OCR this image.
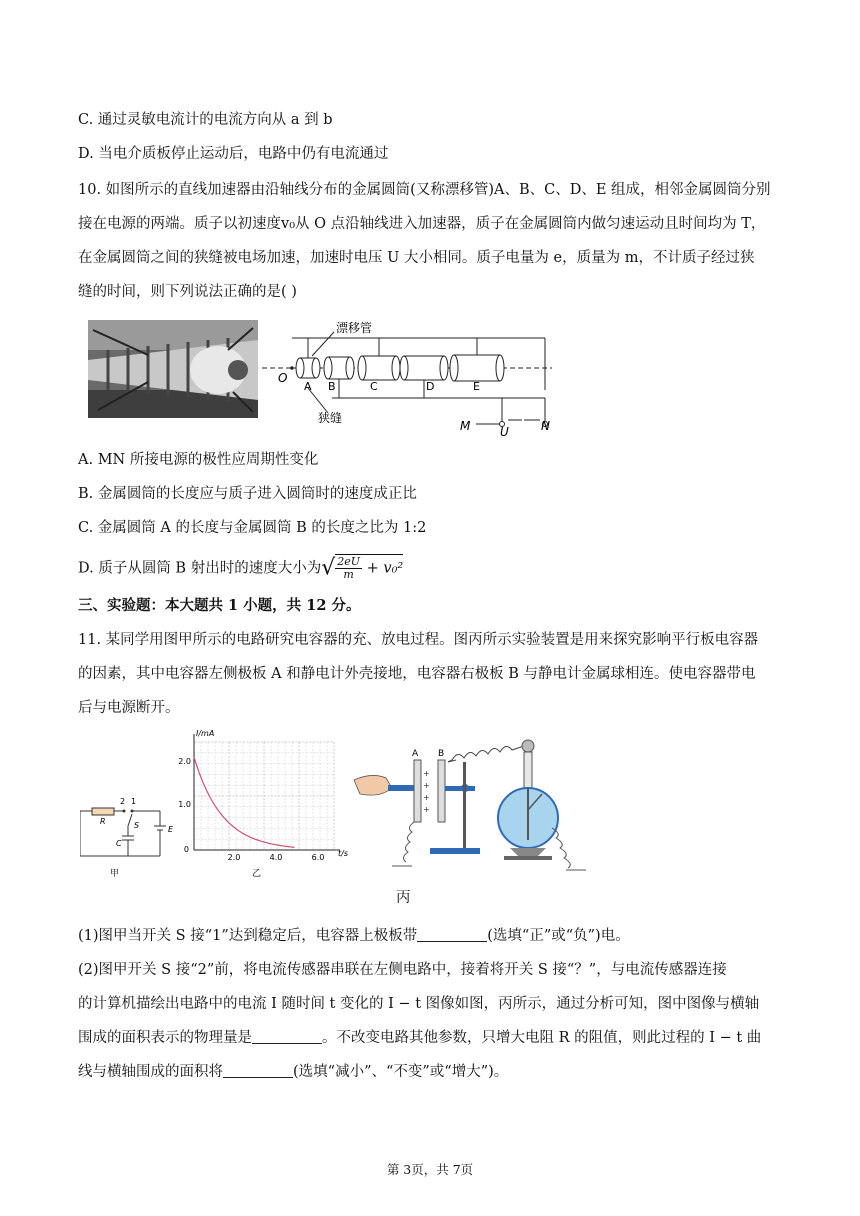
C. 通过灵敏电流计的电流方向从 a 到 b
D. 当电介质板停止运动后，电路中仍有电流通过
10. 如图所示的直线加速器由沿轴线分布的金属圆筒(又称漂移管)A、B、C、D、E 组成，相邻金属圆筒分别
接在电源的两端。质子以初速度v₀从 O 点沿轴线进入加速器，质子在金属圆筒内做匀速运动且时间均为 T，
在金属圆筒之间的狭缝被电场加速，加速时电压 U 大小相同。质子电量为 e，质量为 m，不计质子经过狭
缝的时间，则下列说法正确的是( )
漂移管
狭缝
O
A B	C	D	E
M U	N
A. MN 所接电源的极性应周期性变化
B. 金属圆筒的长度应与质子进入圆筒时的速度成正比
C. 金属圆筒 A 的长度与金属圆筒 B 的长度之比为 1:2
D. 质子从圆筒 B 射出时的速度大小为√ $\frac{2eU}{m} + v_0^2$
三、实验题：本大题共 1 小题，共 12 分。
11. 某同学用图甲所示的电路研究电容器的充、放电过程。图丙所示实验装置是用来探究影响平行板电容器
的因素，其中电容器左侧极板 A 和静电计外壳接地，电容器右极板 B 与静电计金属球相连。使电容器带电
后与电源断开。
2 1
R	S
C
E
甲
I/mA
t/s
0
1.0
2.0
2.0	4.0	6.0
乙
A B
+
+
+
+
丙
(1)图甲当开关 S 接“1”达到稳定后，电容器上极板带	(选填“正”或“负”)电。
(2)图甲开关 S 接“2”前，将电流传感器串联在左侧电路中，接着将开关 S 接“？”，与电流传感器连接
的计算机描绘出电路中的电流 I 随时间 t 变化的 I − t 图像如图，丙所示，通过分析可知，图中图像与横轴
围成的面积表示的物理量是	。不改变电路其他参数，只增大电阻 R 的阻值，则此过程的 I − t 曲
线与横轴围成的面积将	(选填“减小”、“不变”或“增大”)。
第 3页，共 7页
